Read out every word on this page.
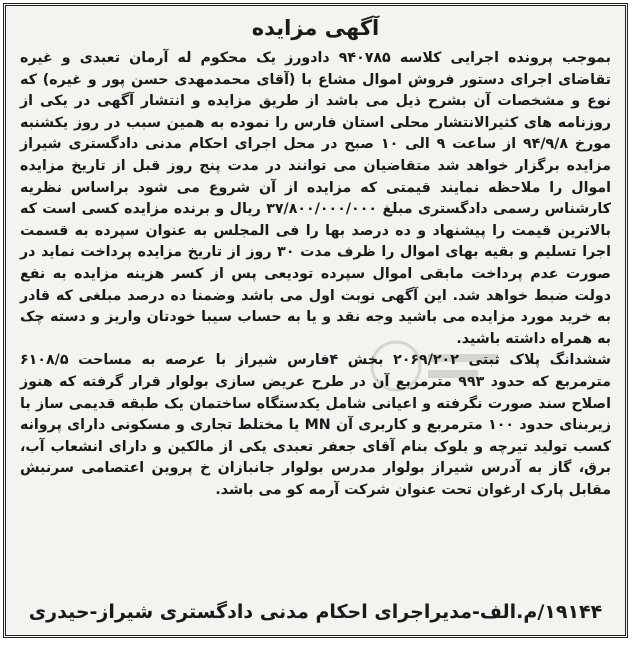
آگهی مزایده

بموجب پرونده اجرایی کلاسه ۹۴۰۷۸۵ دادورز یک محکوم له آرمان تعبدی و غیره تقاضای اجرای دستور فروش اموال مشاع با (آقای محمدمهدی حسن پور و غیره) که نوع و مشخصات آن بشرح ذیل می باشد از طریق مزایده و انتشار آگهی در یکی از روزنامه های کثیرالانتشار محلی استان فارس را نموده به همین سبب در روز یکشنبه مورخ ۹۴/۹/۸ از ساعت ۹ الی ۱۰ صبح در محل اجرای احکام مدنی دادگستری شیراز مزایده برگزار خواهد شد متقاضیان می توانند در مدت پنج روز قبل از تاریخ مزایده اموال را ملاحظه نمایند قیمتی که مزایده از آن شروع می شود براساس نظریه کارشناس رسمی دادگستری مبلغ ۳۷/۸۰۰/۰۰۰/۰۰۰ ریال و برنده مزایده کسی است که بالاترین قیمت را پیشنهاد و ده درصد بها را فی المجلس به عنوان سپرده به قسمت اجرا تسلیم و بقیه بهای اموال را ظرف مدت ۳۰ روز از تاریخ مزایده پرداخت نماید در صورت عدم پرداخت مابقی اموال سپرده تودیعی پس از کسر هزینه مزایده به نفع دولت ضبط خواهد شد. این آگهی نوبت اول می باشد وضمنا ده درصد مبلغی که قادر به خرید مورد مزایده می باشید وجه نقد و یا به حساب سیبا خودتان واریز و دسته چک به همراه داشته باشید.

ششدانگ پلاک ثبتی ۲۰۶۹/۲۰۲ بخش ۴فارس شیراز با عرصه به مساحت ۶۱۰۸/۵ مترمربع که حدود ۹۹۳ مترمربع آن در طرح عریض سازی بولوار قرار گرفته که هنوز اصلاح سند صورت نگرفته و اعیانی شامل یکدستگاه ساختمان یک طبقه قدیمی ساز با زیربنای حدود ۱۰۰ مترمربع و کاربری آن MN یا مختلط تجاری و مسکونی دارای پروانه کسب تولید تیرچه و بلوک بنام آقای جعفر تعبدی یکی از مالکین و دارای انشعاب آب، برق، گاز به آدرس شیراز بولوار مدرس بولوار جانبازان خ پروین اعتصامی سرنبش مقابل پارک ارغوان تحت عنوان شرکت آرمه کو می باشد.

۱۹۱۴۴/م.الف-مدیراجرای احکام مدنی دادگستری شیراز-حیدری
